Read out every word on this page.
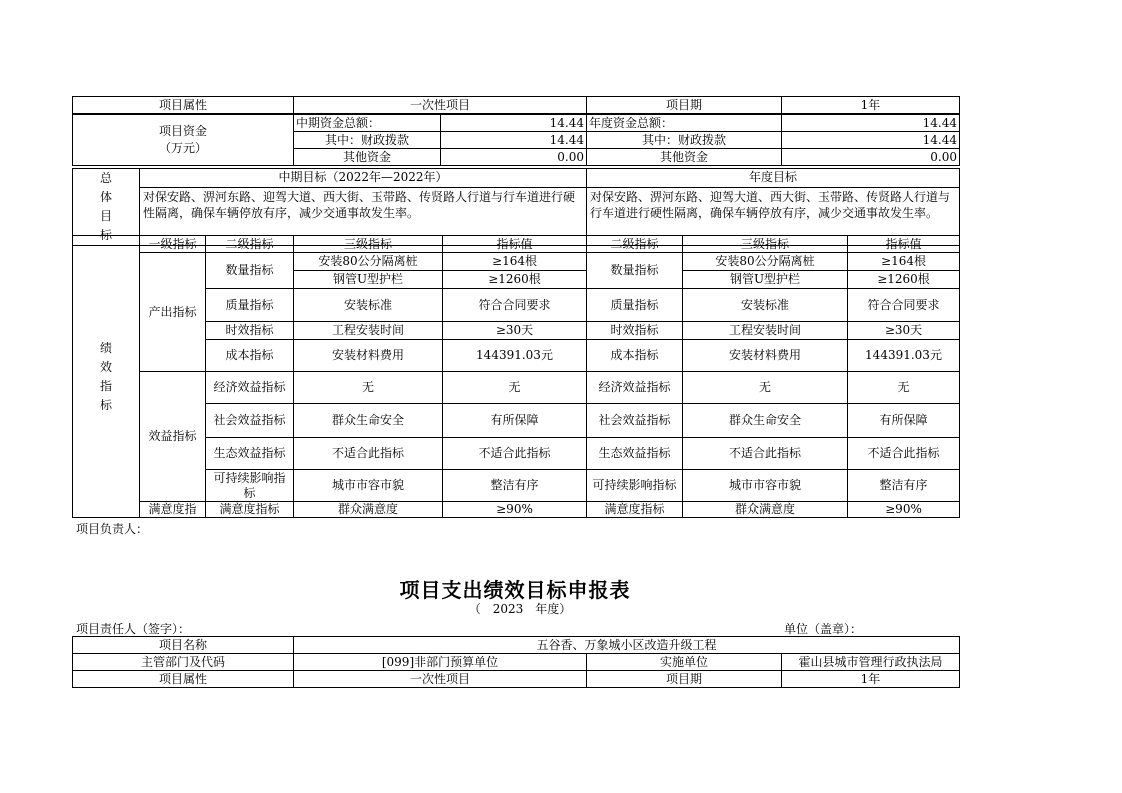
项目属性	一次性项目	项目期	1年
项目资金
（万元）	中期资金总额：	14.44	年度资金总额：	14.44
	其中：财政拨款	14.44	其中：财政拨款	14.44
	其他资金	0.00	其他资金	0.00
总体目标	中期目标（2022年—2022年）	年度目标
	对保安路、淠河东路、迎驾大道、西大街、玉带路、传贤路人行道与行车道进行硬性隔离，确保车辆停放有序，减少交通事故发生率。	对保安路、淠河东路、迎驾大道、西大街、玉带路、传贤路人行道与行车道进行硬性隔离，确保车辆停放有序，减少交通事故发生率。
绩效指标	一级指标	二级指标	三级指标	指标值	二级指标	三级指标	指标值
	产出指标	数量指标	安装80公分隔离桩	≥164根	数量指标	安装80公分隔离桩	≥164根
			钢管U型护栏	≥1260根		钢管U型护栏	≥1260根
		质量指标	安装标准	符合合同要求	质量指标	安装标准	符合合同要求
		时效指标	工程安装时间	≥30天	时效指标	工程安装时间	≥30天
		成本指标	安装材料费用	144391.03元	成本指标	安装材料费用	144391.03元
	效益指标	经济效益指标	无	无	经济效益指标	无	无
		社会效益指标	群众生命安全	有所保障	社会效益指标	群众生命安全	有所保障
		生态效益指标	不适合此指标	不适合此指标	生态效益指标	不适合此指标	不适合此指标
		可持续影响指标	城市市容市貌	整洁有序	可持续影响指标	城市市容市貌	整洁有序
	满意度指	满意度指标	群众满意度	≥90%	满意度指标	群众满意度	≥90%
项目负责人：
项目支出绩效目标申报表
（　2023　年度）
项目责任人（签字）：	单位（盖章）：
项目名称	五谷香、万象城小区改造升级工程		
主管部门及代码	[099]非部门预算单位	实施单位	霍山县城市管理行政执法局
项目属性	一次性项目	项目期	1年
